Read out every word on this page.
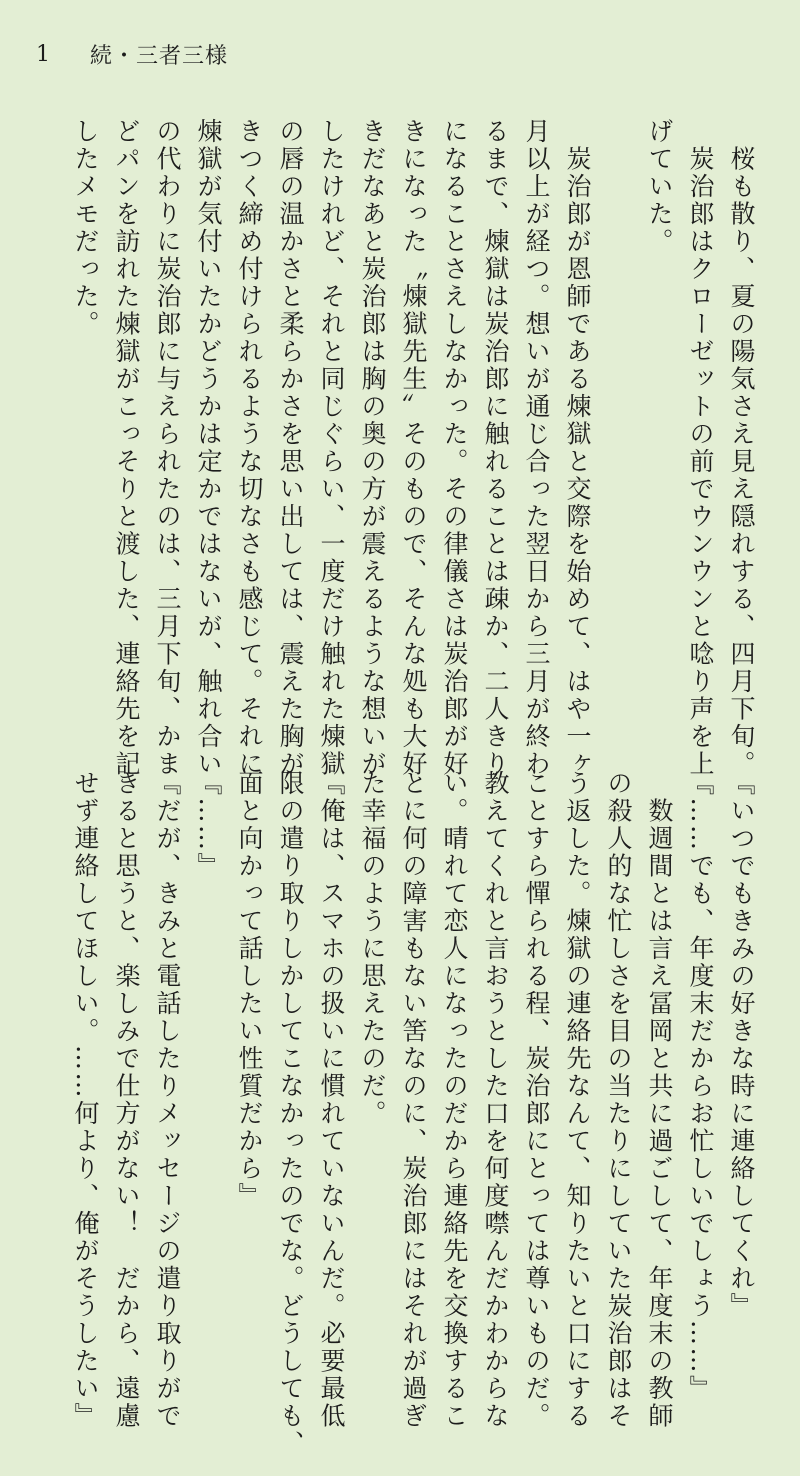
1	続・三者三様
　桜も散り、夏の陽気さえ見え隠れする、四月下旬。
　炭治郎はクローゼットの前でウンウンと唸り声を上
げていた。

　炭治郎が恩師である煉獄と交際を始めて、はや一ヶ
月以上が経つ。想いが通じ合った翌日から三月が終わ
るまで、煉獄は炭治郎に触れることは疎か、二人きり
になることさえしなかった。その律儀さは炭治郎が好
きになった〝煉獄先生〟そのもので、そんな処も大好
きだなあと炭治郎は胸の奥の方が震えるような想いが
したけれど、それと同じぐらい、一度だけ触れた煉獄
の唇の温かさと柔らかさを思い出しては、震えた胸が
きつく締め付けられるような切なさも感じて。それに
煉獄が気付いたかどうかは定かではないが、触れ合い
の代わりに炭治郎に与えられたのは、三月下旬、かま
どパンを訪れた煉獄がこっそりと渡した、連絡先を記
したメモだった。
『いつでもきみの好きな時に連絡してくれ』
『……でも、年度末だからお忙しいでしょう……』
　数週間とは言え冨岡と共に過ごして、年度末の教師
の殺人的な忙しさを目の当たりにしていた炭治郎はそ
う返した。煉獄の連絡先なんて、知りたいと口にする
ことすら憚られる程、炭治郎にとっては尊いものだ。
教えてくれと言おうとした口を何度噤んだかわからな
い。晴れて恋人になったのだから連絡先を交換するこ
とに何の障害もない筈なのに、炭治郎にはそれが過ぎ
た幸福のように思えたのだ。
『俺は、スマホの扱いに慣れていないんだ。必要最低
限の遣り取りしかしてこなかったのでな。どうしても、
面と向かって話したい性質だから』
『……』
『だが、きみと電話したりメッセージの遣り取りがで
きると思うと、楽しみで仕方がない！　だから、遠慮
せず連絡してほしい。……何より、俺がそうしたい』
